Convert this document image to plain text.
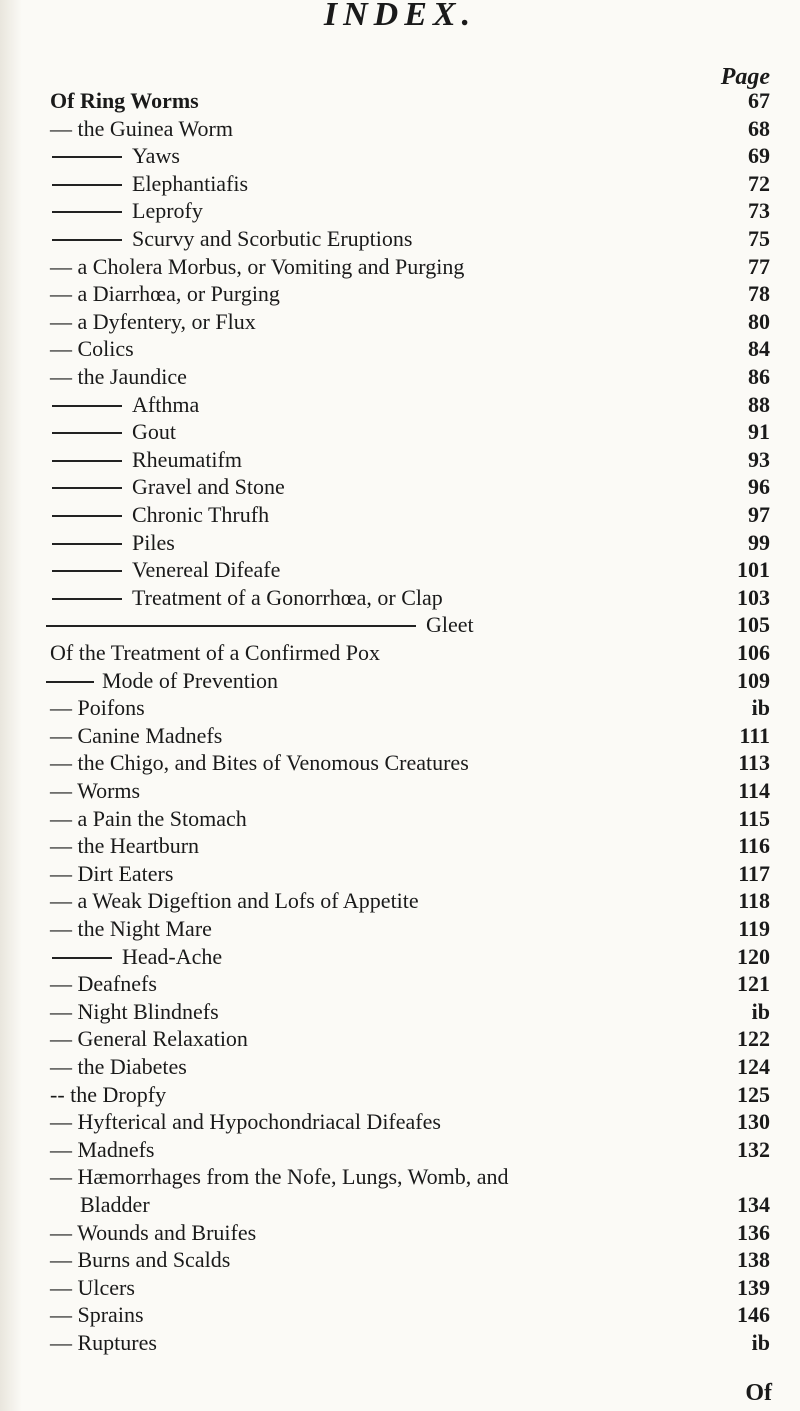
INDEX.
Page
Of Ring Worms	67
— the Guinea Worm	68
Yaws	69
Elephantiafis	72
Leprofy	73
Scurvy and Scorbutic Eruptions	75
— a Cholera Morbus, or Vomiting and Purging	77
— a Diarrhœa, or Purging	78
— a Dyfentery, or Flux	80
— Colics	84
— the Jaundice	86
Afthma	88
Gout	91
Rheumatifm	93
Gravel and Stone	96
Chronic Thrufh	97
Piles	99
Venereal Difeafe	101
Treatment of a Gonorrhœa, or Clap	103
Gleet	105
Of the Treatment of a Confirmed Pox	106
Mode of Prevention	109
— Poifons	ib
— Canine Madnefs	111
— the Chigo, and Bites of Venomous Creatures	113
— Worms	114
— a Pain the Stomach	115
— the Heartburn	116
— Dirt Eaters	117
— a Weak Digeftion and Lofs of Appetite	118
— the Night Mare	119
Head-Ache	120
— Deafnefs	121
— Night Blindnefs	ib
— General Relaxation	122
— the Diabetes	124
-- the Dropfy	125
— Hyfterical and Hypochondriacal Difeafes	130
— Madnefs	132
— Hæmorrhages from the Nofe, Lungs, Womb, and
Bladder	134
— Wounds and Bruifes	136
— Burns and Scalds	138
— Ulcers	139
— Sprains	146
— Ruptures	ib
Of
